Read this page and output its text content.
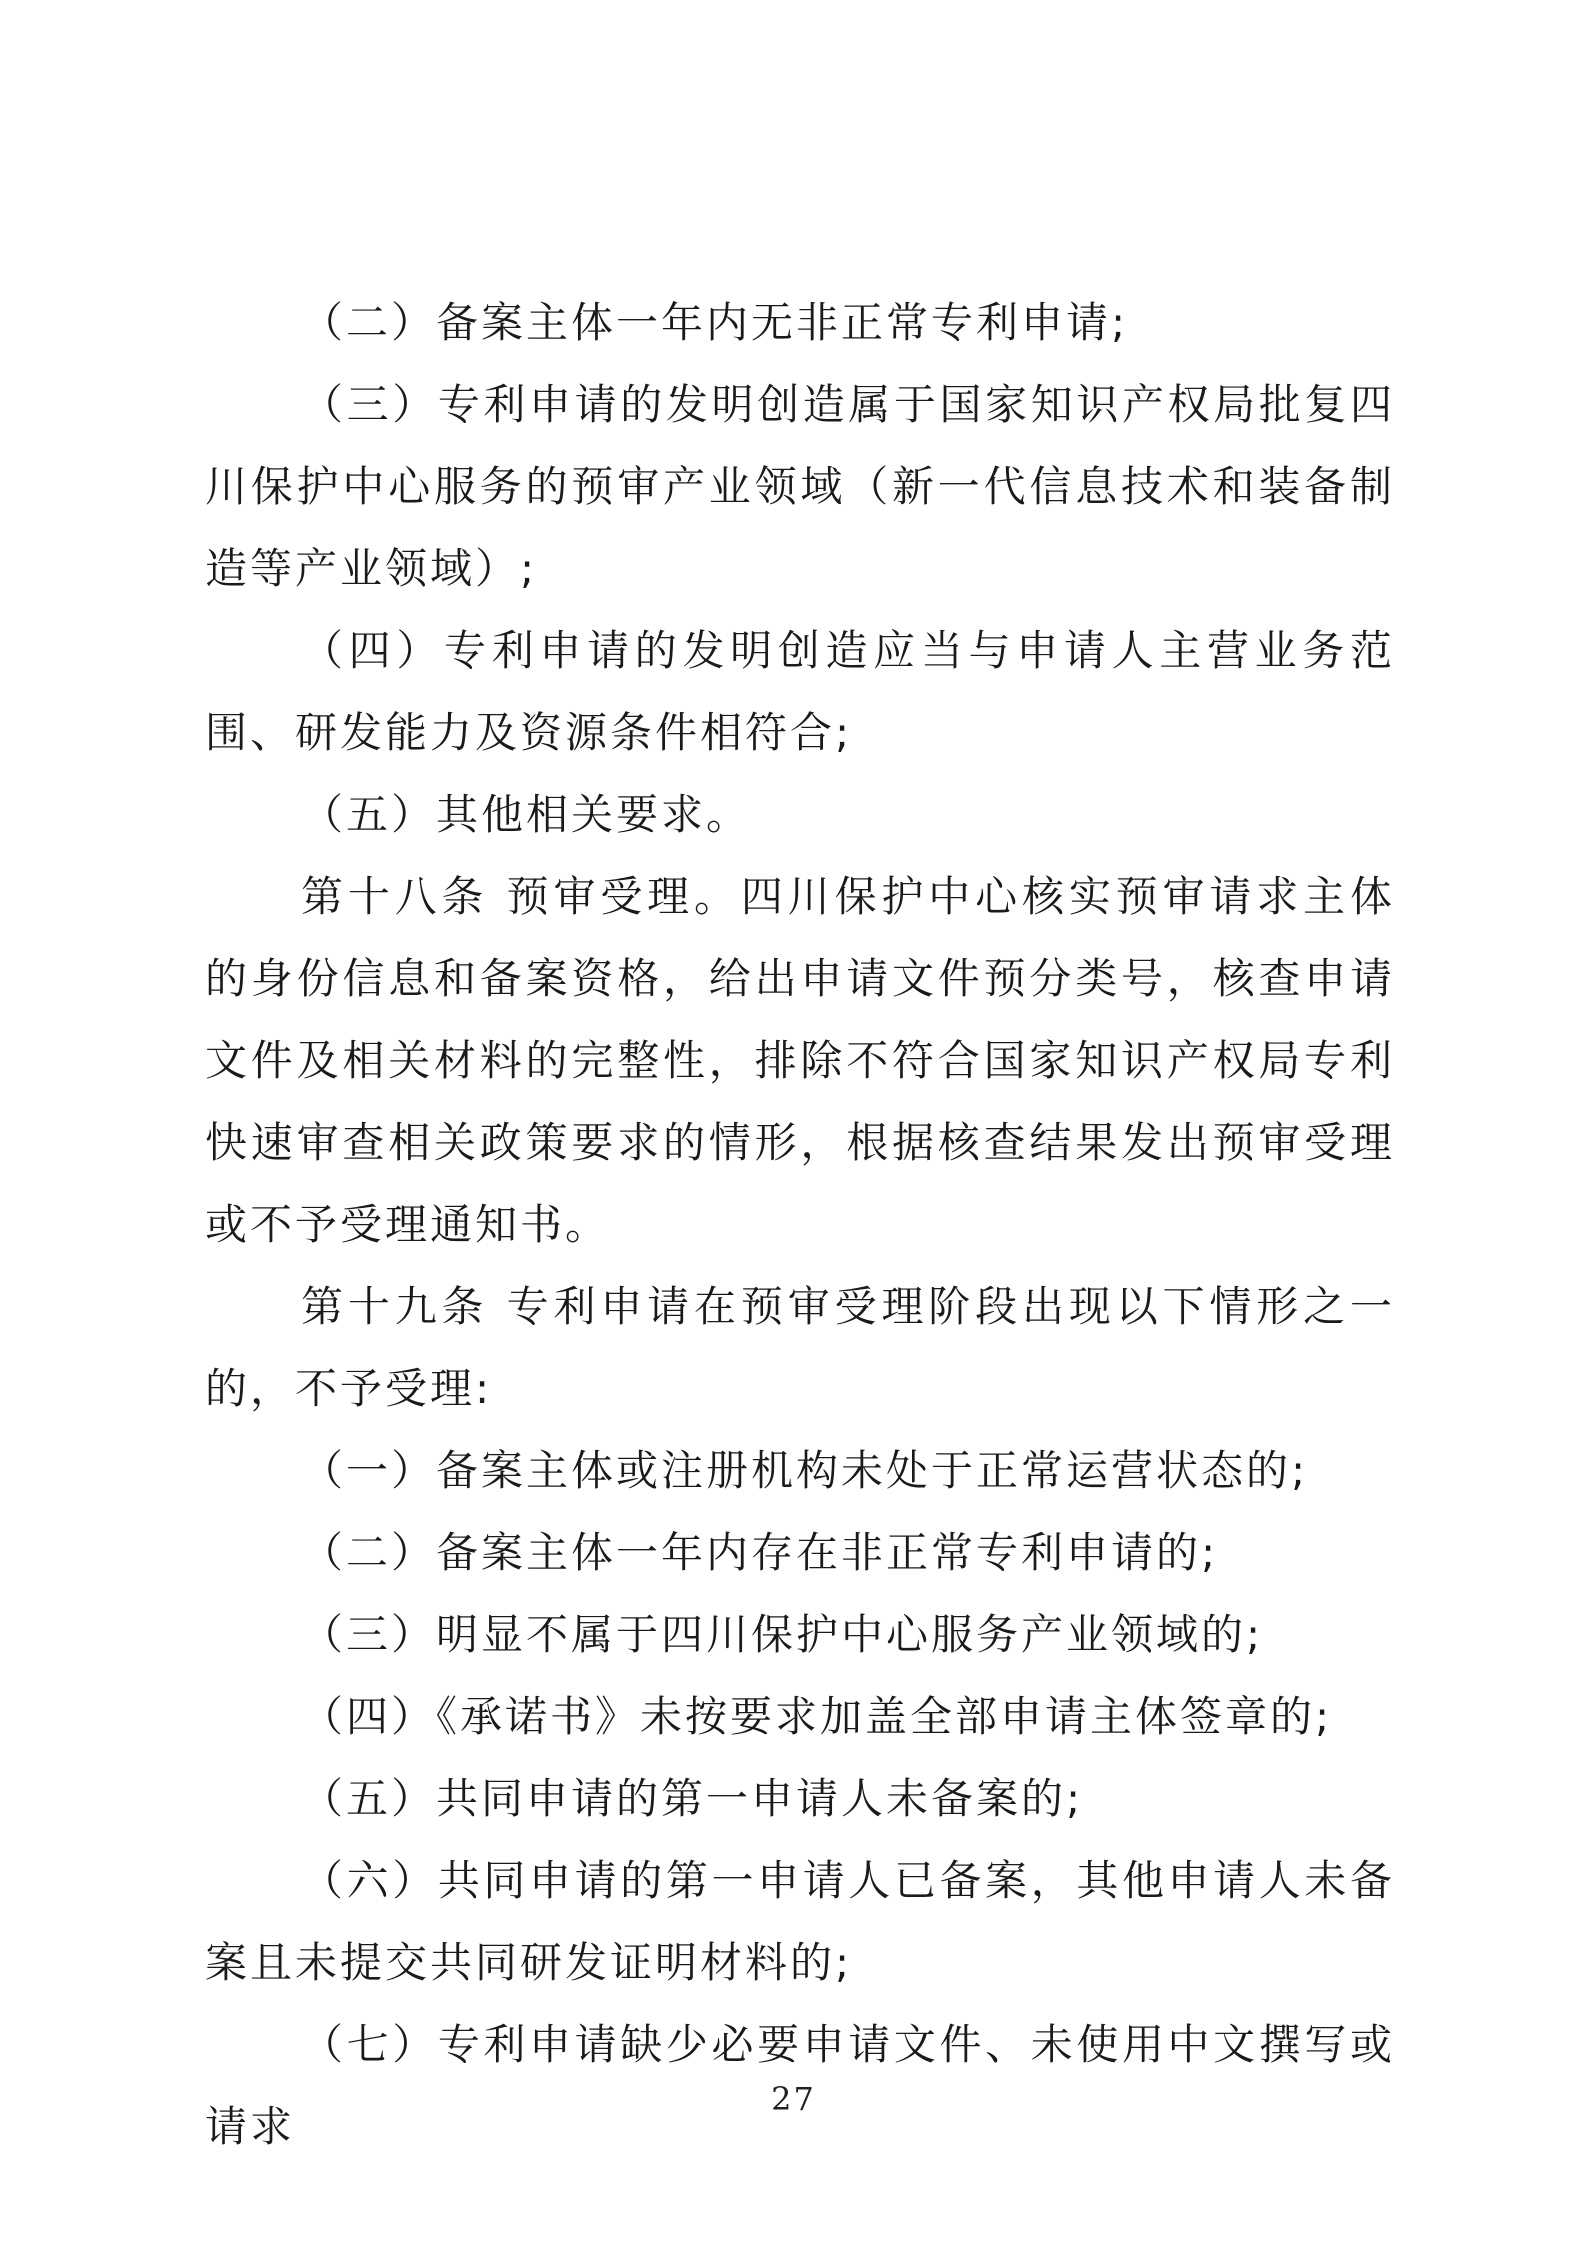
（二）备案主体一年内无非正常专利申请;

（三）专利申请的发明创造属于国家知识产权局批复四川保护中心服务的预审产业领域（新一代信息技术和装备制造等产业领域）;

（四）专利申请的发明创造应当与申请人主营业务范围、研发能力及资源条件相符合;

（五）其他相关要求。

第十八条 预审受理。四川保护中心核实预审请求主体的身份信息和备案资格，给出申请文件预分类号，核查申请文件及相关材料的完整性，排除不符合国家知识产权局专利快速审查相关政策要求的情形，根据核查结果发出预审受理或不予受理通知书。

第十九条 专利申请在预审受理阶段出现以下情形之一的，不予受理:

（一）备案主体或注册机构未处于正常运营状态的;

（二）备案主体一年内存在非正常专利申请的;

（三）明显不属于四川保护中心服务产业领域的;

（四）《承诺书》未按要求加盖全部申请主体签章的;

（五）共同申请的第一申请人未备案的;

（六）共同申请的第一申请人已备案，其他申请人未备案且未提交共同研发证明材料的;

（七）专利申请缺少必要申请文件、未使用中文撰写或请求

27
